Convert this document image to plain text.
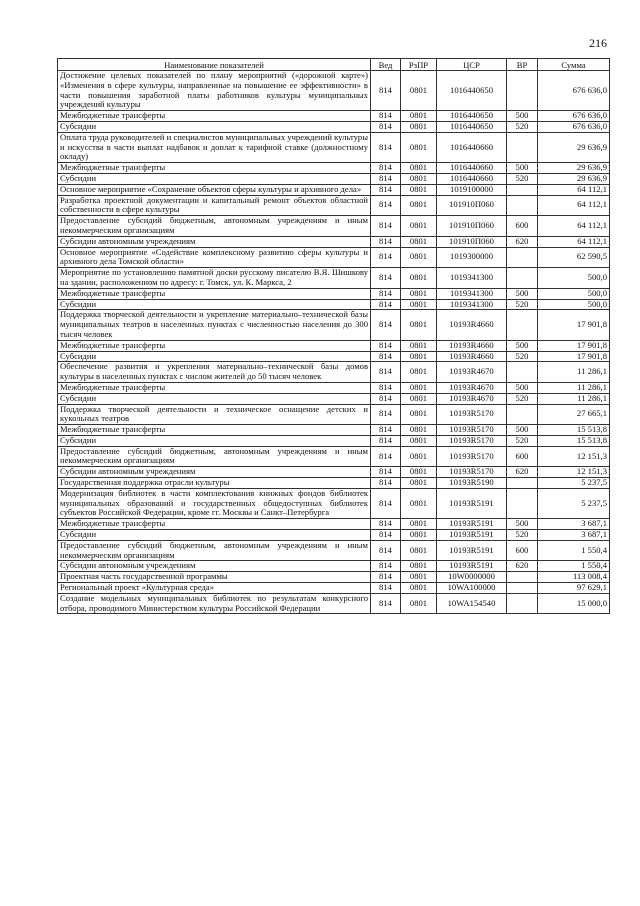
216
Наименование показателей	Вед	РзПР	ЦСР	ВР	Сумма
Достижение целевых показателей по плану мероприятий («дорожной карте») «Изменения в сфере культуры, направленные на повышение ее эффективности» в части повышения заработной платы работников культуры муниципальных учреждений культуры	814	0801	1016440650		676 636,0
Межбюджетные трансферты	814	0801	1016440650	500	676 636,0
Субсидии	814	0801	1016440650	520	676 636,0
Оплата труда руководителей и специалистов муниципальных учреждений культуры и искусства в части выплат надбавок и доплат к тарифной ставке (должностному окладу)	814	0801	1016440660		29 636,9
Межбюджетные трансферты	814	0801	1016440660	500	29 636,9
Субсидии	814	0801	1016440660	520	29 636,9
Основное мероприятие «Сохранение объектов сферы культуры и архивного дела»	814	0801	1019100000		64 112,1
Разработка проектной документации и капитальный ремонт объектов областной собственности в сфере культуры	814	0801	101910П060		64 112,1
Предоставление субсидий бюджетным, автономным учреждениям и иным некоммерческим организациям	814	0801	101910П060	600	64 112,1
Субсидии автономным учреждениям	814	0801	101910П060	620	64 112,1
Основное мероприятие «Содействие комплексному развитию сферы культуры и архивного дела Томской области»	814	0801	1019300000		62 590,5
Мероприятие по установлению памятной доски русскому писателю В.Я. Шишкову на здании, расположенном по адресу: г. Томск, ул. К. Маркса, 2	814	0801	1019341300		500,0
Межбюджетные трансферты	814	0801	1019341300	500	500,0
Субсидии	814	0801	1019341300	520	500,0
Поддержка творческой деятельности и укрепление материально–технической базы муниципальных театров в населенных пунктах с численностью населения до 300 тысяч человек	814	0801	10193R4660		17 901,8
Межбюджетные трансферты	814	0801	10193R4660	500	17 901,8
Субсидии	814	0801	10193R4660	520	17 901,8
Обеспечение развития и укрепления материально–технической базы домов культуры в населенных пунктах с числом жителей до 50 тысяч человек	814	0801	10193R4670		11 286,1
Межбюджетные трансферты	814	0801	10193R4670	500	11 286,1
Субсидии	814	0801	10193R4670	520	11 286,1
Поддержка творческой деятельности и техническое оснащение детских и кукольных театров	814	0801	10193R5170		27 665,1
Межбюджетные трансферты	814	0801	10193R5170	500	15 513,8
Субсидии	814	0801	10193R5170	520	15 513,8
Предоставление субсидий бюджетным, автономным учреждениям и иным некоммерческим организациям	814	0801	10193R5170	600	12 151,3
Субсидии автономным учреждениям	814	0801	10193R5170	620	12 151,3
Государственная поддержка отрасли культуры	814	0801	10193R5190		5 237,5
Модернизация библиотек в части комплектования книжных фондов библиотек муниципальных образований и государственных общедоступных библиотек субъектов Российской Федерации, кроме гг. Москвы и Санкт–Петербурга	814	0801	10193R5191		5 237,5
Межбюджетные трансферты	814	0801	10193R5191	500	3 687,1
Субсидии	814	0801	10193R5191	520	3 687,1
Предоставление субсидий бюджетным, автономным учреждениям и иным некоммерческим организациям	814	0801	10193R5191	600	1 550,4
Субсидии автономным учреждениям	814	0801	10193R5191	620	1 550,4
Проектная часть государственной программы	814	0801	10W0000000		113 008,4
Региональный проект «Культурная среда»	814	0801	10WA100000		97 629,1
Создание модельных муниципальных библиотек по результатам конкурсного отбора, проводимого Министерством культуры Российской Федерации	814	0801	10WA154540		15 000,0
